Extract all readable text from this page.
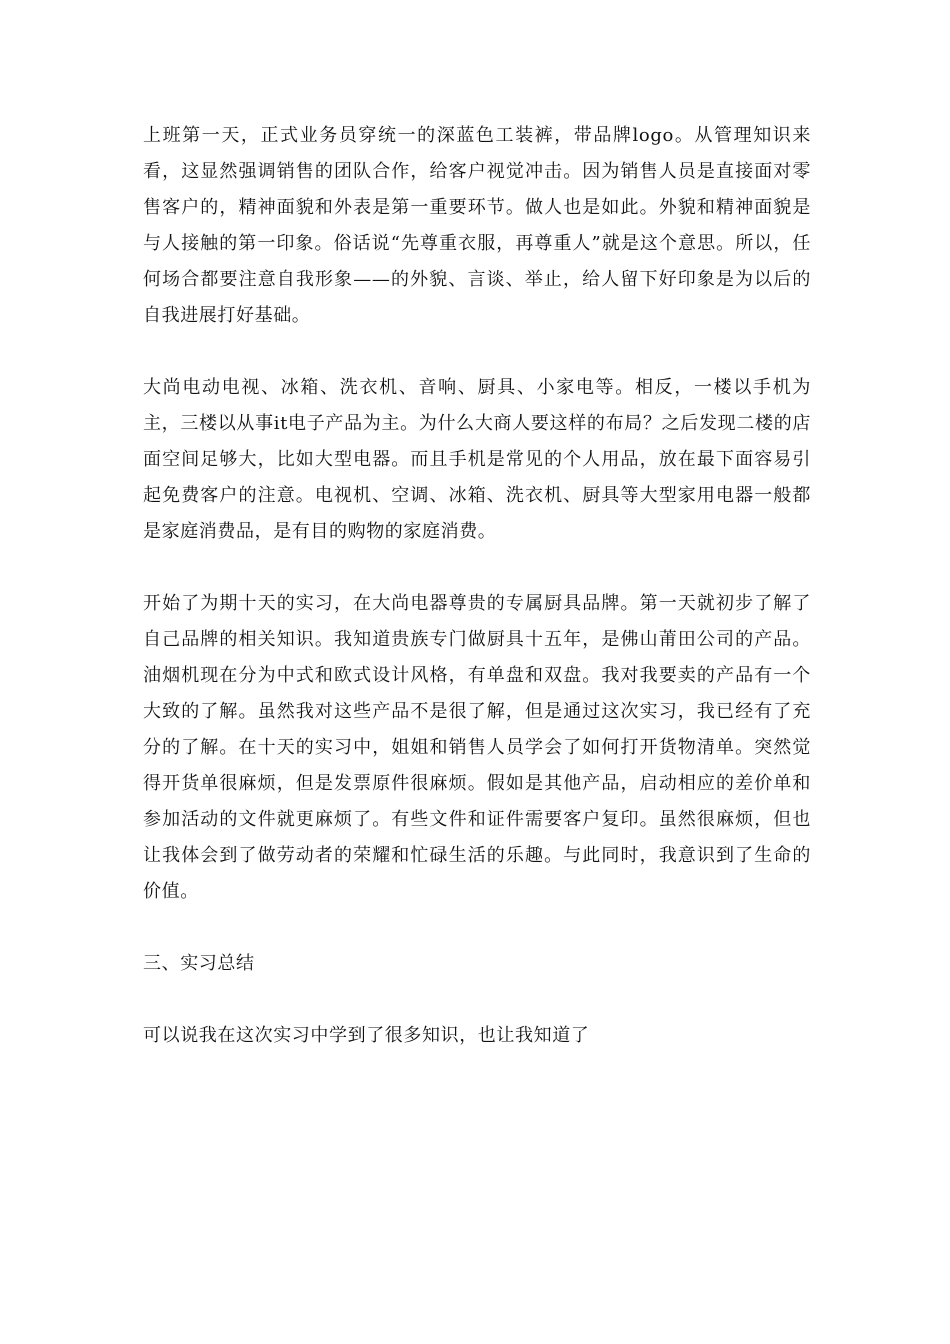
上班第一天，正式业务员穿统一的深蓝色工装裤，带品牌logo。从管理知识来看，这显然强调销售的团队合作，给客户视觉冲击。因为销售人员是直接面对零售客户的，精神面貌和外表是第一重要环节。做人也是如此。外貌和精神面貌是与人接触的第一印象。俗话说“先尊重衣服，再尊重人”就是这个意思。所以，任何场合都要注意自我形象——的外貌、言谈、举止，给人留下好印象是为以后的自我进展打好基础。

大尚电动电视、冰箱、洗衣机、音响、厨具、小家电等。相反，一楼以手机为主，三楼以从事it电子产品为主。为什么大商人要这样的布局？之后发现二楼的店面空间足够大，比如大型电器。而且手机是常见的个人用品，放在最下面容易引起免费客户的注意。电视机、空调、冰箱、洗衣机、厨具等大型家用电器一般都是家庭消费品，是有目的购物的家庭消费。

开始了为期十天的实习，在大尚电器尊贵的专属厨具品牌。第一天就初步了解了自己品牌的相关知识。我知道贵族专门做厨具十五年，是佛山莆田公司的产品。油烟机现在分为中式和欧式设计风格，有单盘和双盘。我对我要卖的产品有一个大致的了解。虽然我对这些产品不是很了解，但是通过这次实习，我已经有了充分的了解。在十天的实习中，姐姐和销售人员学会了如何打开货物清单。突然觉得开货单很麻烦，但是发票原件很麻烦。假如是其他产品，启动相应的差价单和参加活动的文件就更麻烦了。有些文件和证件需要客户复印。虽然很麻烦，但也让我体会到了做劳动者的荣耀和忙碌生活的乐趣。与此同时，我意识到了生命的价值。

三、实习总结

可以说我在这次实习中学到了很多知识，也让我知道了
